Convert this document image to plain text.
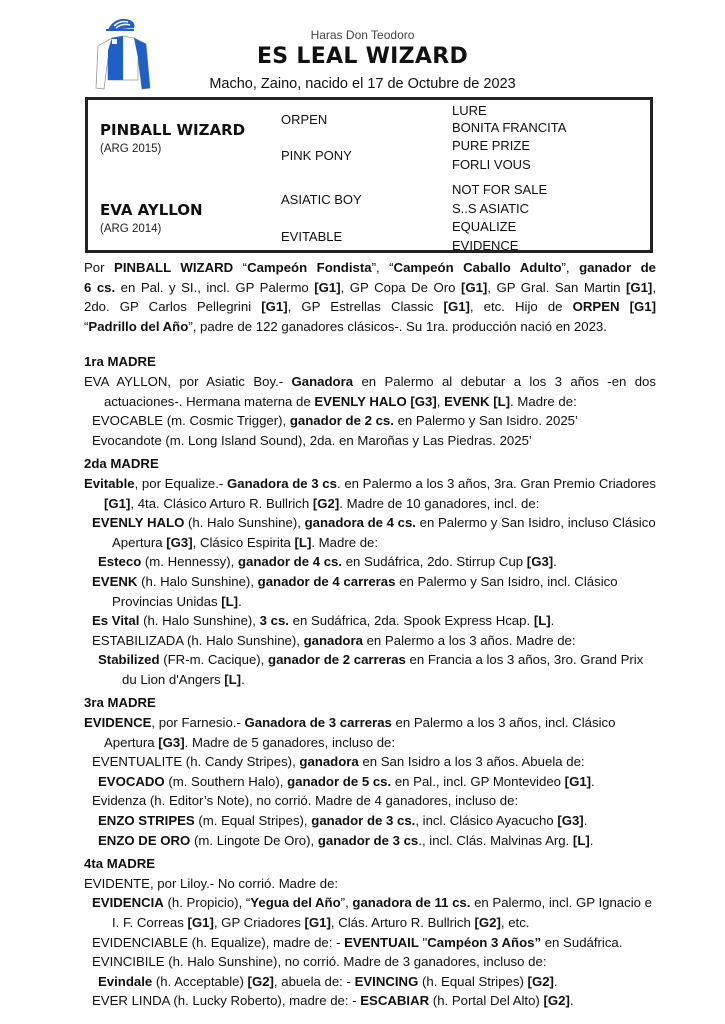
Haras Don Teodoro
ES LEAL WIZARD
Macho, Zaino, nacido el 17 de Octubre de 2023
PINBALL WIZARD
(ARG 2015)
EVA AYLLON
(ARG 2014)
ORPEN
PINK PONY
ASIATIC BOY
EVITABLE
LURE
BONITA FRANCITA
PURE PRIZE
FORLI VOUS
NOT FOR SALE
S..S ASIATIC
EQUALIZE
EVIDENCE

Por PINBALL WIZARD “Campeón Fondista”, “Campeón Caballo Adulto”, ganador de

6 cs. en Pal. y SI., incl. GP Palermo [G1], GP Copa De Oro [G1], GP Gral. San Martin [G1],

2do. GP Carlos Pellegrini [G1], GP Estrellas Classic [G1], etc. Hijo de ORPEN [G1]

“Padrillo del Año”, padre de 122 ganadores clásicos-. Su 1ra. producción nació en 2023.

1ra MADRE

EVA AYLLON, por Asiatic Boy.- Ganadora en Palermo al debutar a los 3 años -en dos actuaciones-. Hermana materna de EVENLY HALO [G3], EVENK [L]. Madre de:

EVOCABLE (m. Cosmic Trigger), ganador de 2 cs. en Palermo y San Isidro. 2025’

Evocandote (m. Long Island Sound), 2da. en Maroñas y Las Piedras. 2025’

2da MADRE

Evitable, por Equalize.- Ganadora de 3 cs. en Palermo a los 3 años, 3ra. Gran Premio Criadores [G1], 4ta. Clásico Arturo R. Bullrich [G2]. Madre de 10 ganadores, incl. de:

EVENLY HALO (h. Halo Sunshine), ganadora de 4 cs. en Palermo y San Isidro, incluso Clásico Apertura [G3], Clásico Espirita [L]. Madre de:

Esteco (m. Hennessy), ganador de 4 cs. en Sudáfrica, 2do. Stirrup Cup [G3].

EVENK (h. Halo Sunshine), ganador de 4 carreras en Palermo y San Isidro, incl. Clásico Provincias Unidas [L].

Es Vital (h. Halo Sunshine), 3 cs. en Sudáfrica, 2da. Spook Express Hcap. [L].

ESTABILIZADA (h. Halo Sunshine), ganadora en Palermo a los 3 años. Madre de:

Stabilized (FR-m. Cacique), ganador de 2 carreras en Francia a los 3 años, 3ro. Grand Prix du Lion d'Angers [L].

3ra MADRE

EVIDENCE, por Farnesio.- Ganadora de 3 carreras en Palermo a los 3 años, incl. Clásico Apertura [G3]. Madre de 5 ganadores, incluso de:

EVENTUALITE (h. Candy Stripes), ganadora en San Isidro a los 3 años. Abuela de:

EVOCADO (m. Southern Halo), ganador de 5 cs. en Pal., incl. GP Montevideo [G1].

Evidenza (h. Editor’s Note), no corrió. Madre de 4 ganadores, incluso de:

ENZO STRIPES (m. Equal Stripes), ganador de 3 cs., incl. Clásico Ayacucho [G3].

ENZO DE ORO (m. Lingote De Oro), ganador de 3 cs., incl. Clás. Malvinas Arg. [L].

4ta MADRE

EVIDENTE, por Liloy.- No corrió. Madre de:

EVIDENCIA (h. Propicio), “Yegua del Año”, ganadora de 11 cs. en Palermo, incl. GP Ignacio e I. F. Correas [G1], GP Criadores [G1], Clás. Arturo R. Bullrich [G2], etc.

EVIDENCIABLE (h. Equalize), madre de: - EVENTUAIL "Campéon 3 Años” en Sudáfrica.

EVINCIBILE (h. Halo Sunshine), no corrió. Madre de 3 ganadores, incluso de:

Evindale (h. Acceptable) [G2], abuela de: - EVINCING (h. Equal Stripes) [G2].

EVER LINDA (h. Lucky Roberto), madre de: - ESCABIAR (h. Portal Del Alto) [G2].
